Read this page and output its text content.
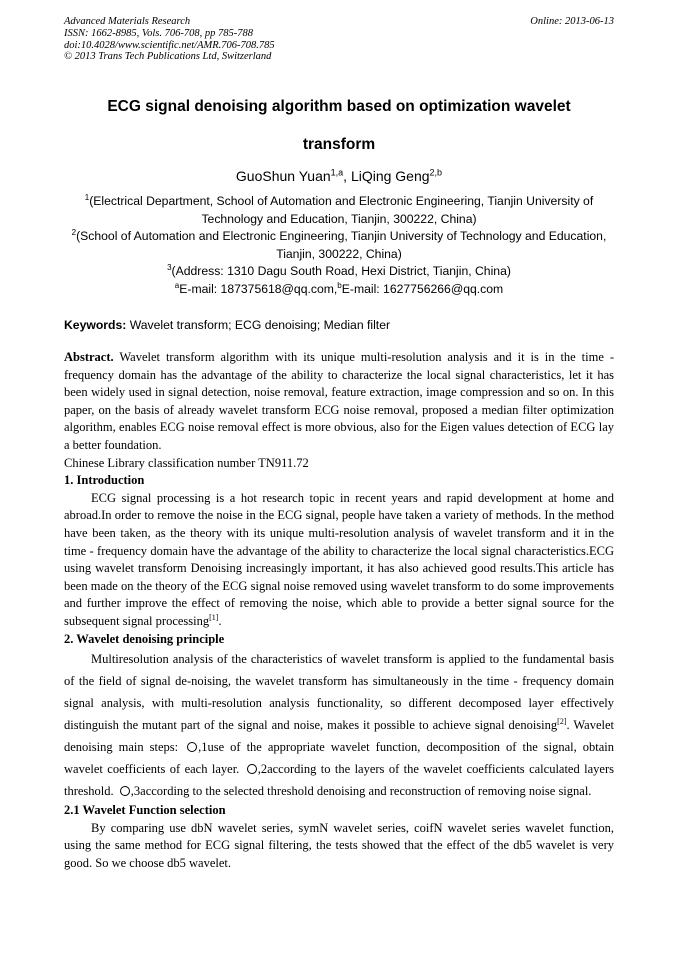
Advanced Materials Research
ISSN: 1662-8985, Vols. 706-708, pp 785-788
doi:10.4028/www.scientific.net/AMR.706-708.785
© 2013 Trans Tech Publications Ltd, Switzerland
Online: 2013-06-13
ECG signal denoising algorithm based on optimization wavelet
transform
GuoShun Yuan$^{1,a}$, LiQing Geng$^{2,b}$

$^1$(Electrical Department, School of Automation and Electronic Engineering, Tianjin University of

Technology and Education, Tianjin, 300222, China)

$^2$(School of Automation and Electronic Engineering, Tianjin University of Technology and Education,

Tianjin, 300222, China)

$^3$(Address: 1310 Dagu South Road, Hexi District, Tianjin, China)

$^a$E-mail: 187375618@qq.com,$^b$E-mail: 1627756266@qq.com

Keywords: Wavelet transform; ECG denoising; Median filter

Abstract. Wavelet transform algorithm with its unique multi-resolution analysis and it is in the time - frequency domain has the advantage of the ability to characterize the local signal characteristics, let it has been widely used in signal detection, noise removal, feature extraction, image compression and so on. In this paper, on the basis of already wavelet transform ECG noise removal, proposed a median filter optimization algorithm, enables ECG noise removal effect is more obvious, also for the Eigen values detection of ECG lay a better foundation.

Chinese Library classification number TN911.72

1. Introduction

ECG signal processing is a hot research topic in recent years and rapid development at home and abroad.In order to remove the noise in the ECG signal, people have taken a variety of methods. In the method have been taken, as the theory with its unique multi-resolution analysis of wavelet transform and it in the time - frequency domain have the advantage of the ability to characterize the local signal characteristics.ECG using wavelet transform Denoising increasingly important, it has also achieved good results.This article has been made on the theory of the ECG signal noise removed using wavelet transform to do some improvements and further improve the effect of removing the noise, which able to provide a better signal source for the subsequent signal processing[1].

2. Wavelet denoising principle

Multiresolution analysis of the characteristics of wavelet transform is applied to the fundamental basis of the field of signal de-noising, the wavelet transform has simultaneously in the time - frequency domain signal analysis, with multi-resolution analysis functionality, so different decomposed layer effectively distinguish the mutant part of the signal and noise, makes it possible to achieve signal denoising[2]. Wavelet denoising main steps: ,1use of the appropriate wavelet function, decomposition of the signal, obtain wavelet coefficients of each layer. ,2according to the layers of the wavelet coefficients calculated layers threshold. ,3according to the selected threshold denoising and reconstruction of removing noise signal.

2.1 Wavelet Function selection

By comparing use dbN wavelet series, symN wavelet series, coifN wavelet series wavelet function, using the same method for ECG signal filtering, the tests showed that the effect of the db5 wavelet is very good. So we choose db5 wavelet.
